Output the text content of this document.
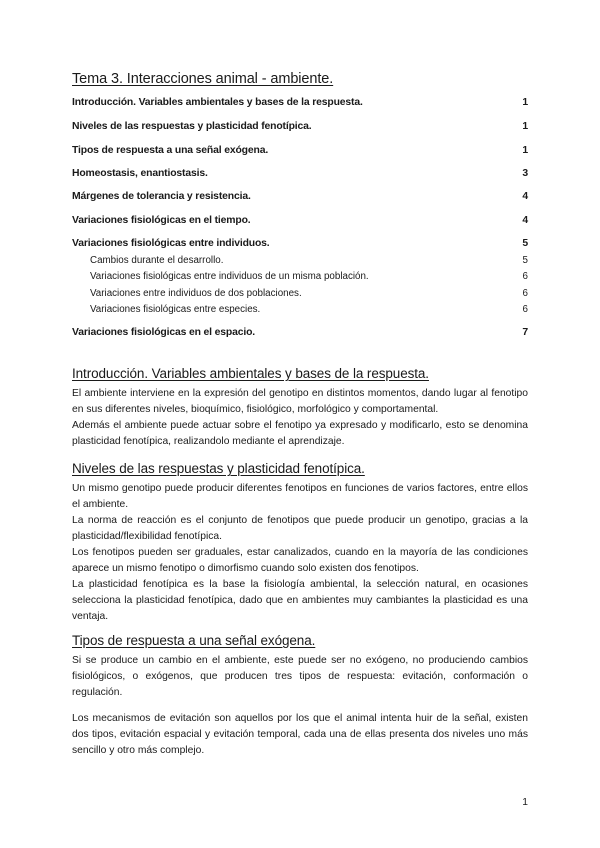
Tema 3. Interacciones animal - ambiente.
Introducción. Variables ambientales y bases de la respuesta.	1
Niveles de las respuestas y plasticidad fenotípica.	1
Tipos de respuesta a una señal exógena.	1
Homeostasis, enantiostasis.	3
Márgenes de tolerancia y resistencia.	4
Variaciones fisiológicas en el tiempo.	4
Variaciones fisiológicas entre individuos.	5
Cambios durante el desarrollo.	5
Variaciones fisiológicas entre individuos de un misma población.	6
Variaciones entre individuos de dos poblaciones.	6
Variaciones fisiológicas entre especies.	6
Variaciones fisiológicas en el espacio.	7
Introducción. Variables ambientales y bases de la respuesta.

El ambiente interviene en la expresión del genotipo en distintos momentos, dando lugar al fenotipo en sus diferentes niveles, bioquímico, fisiológico, morfológico y comportamental.

Además el ambiente puede actuar sobre el fenotipo ya expresado y modificarlo, esto se denomina plasticidad fenotípica, realizandolo mediante el aprendizaje.

Niveles de las respuestas y plasticidad fenotípica.

Un mismo genotipo puede producir diferentes fenotipos en funciones de varios factores, entre ellos el ambiente.

La norma de reacción es el conjunto de fenotipos que puede producir un genotipo, gracias a la plasticidad/flexibilidad fenotípica.

Los fenotipos pueden ser graduales, estar canalizados, cuando en la mayoría de las condiciones aparece un mismo fenotipo o dimorfismo cuando solo existen dos fenotipos.

La plasticidad fenotípica es la base la fisiología ambiental, la selección natural, en ocasiones selecciona la plasticidad fenotípica, dado que en ambientes muy cambiantes la plasticidad es una ventaja.

Tipos de respuesta a una señal exógena.

Si se produce un cambio en el ambiente, este puede ser no exógeno, no produciendo cambios fisiológicos, o exógenos, que producen tres tipos de respuesta: evitación, conformación o regulación.

Los mecanismos de evitación son aquellos por los que el animal intenta huir de la señal, existen dos tipos, evitación espacial y evitación temporal, cada una de ellas presenta dos niveles uno más sencillo y otro más complejo.

1
